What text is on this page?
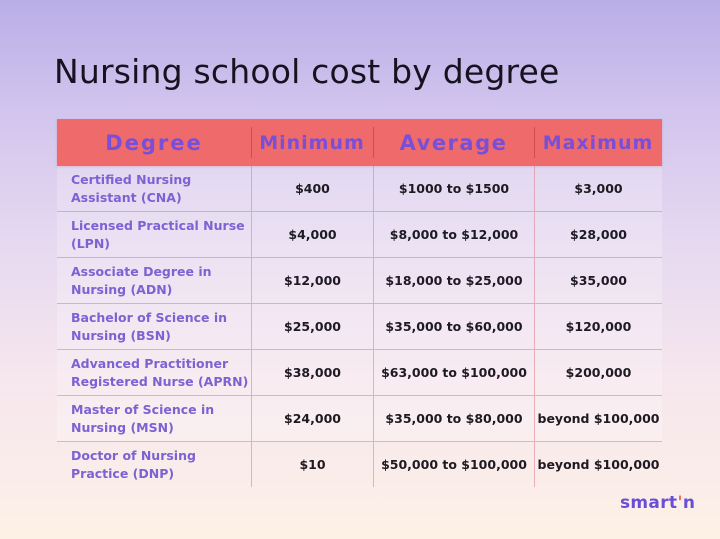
Nursing school cost by degree
Degree	Minimum	Average	Maximum
Certified Nursing Assistant (CNA)
$400	$1000 to $1500	$3,000
Licensed Practical Nurse (LPN)
$4,000	$8,000 to $12,000	$28,000
Associate Degree in Nursing (ADN)
$12,000	$18,000 to $25,000	$35,000
Bachelor of Science in Nursing (BSN)
$25,000	$35,000 to $60,000	$120,000
Advanced Practitioner Registered Nurse (APRN)
$38,000	$63,000 to $100,000	$200,000
Master of Science in Nursing (MSN)
$24,000	$35,000 to $80,000	beyond $100,000
Doctor of Nursing Practice (DNP)
$10	$50,000 to $100,000 beyond $100,000
smart'n
